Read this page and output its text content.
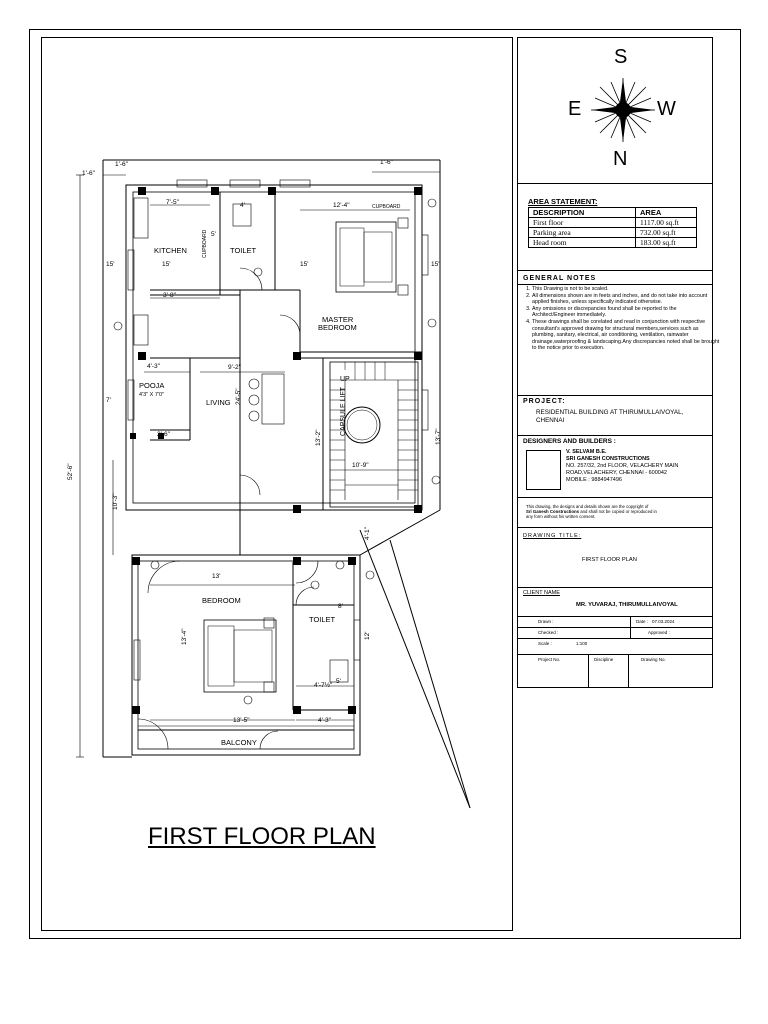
S
E	W
N
KITCHEN	TOILET
MASTER
BEDROOM
LIVING
POOJA
4'3" X 7'0"
BEDROOM
TOILET
BALCONY
UP
CAPSULE LIFT
CUPBOARD
CUPBOARD
1'-6"
1'-6"
1'-6"
7'-5"	4'
5'
12'-4"
15'	15'	15'	15'
3'-8"
4'-3"	9'-2"
24'-5"
7'
2'-6"	13'-2"	13'-7"
10'-9"
52'-6"
10'-3"
4'-1"
13'
13'-4"
8'
12'
4'-7½"
5'
13'-5"	4'-3"
FIRST FLOOR PLAN
AREA STATEMENT:
DESCRIPTION	AREA
First floor	1117.00 sq.ft
Parking area	732.00 sq.ft
Head room	183.00 sq.ft
GENERAL NOTES
1. This Drawing is not to be scaled.
2. All dimensions shown are in feets and inches, and do not take into account applied finishes, unless specifically indicated otherwise.
3. Any omissions or discrepancies found shall be reported to the Architect/Engineer immediately.
4. These drawings shall be corelated and read in conjunction with respective consultant's approved drawing for structural members,services such as plumbing, sanitary, electrical, air conditioning, ventilation, rainwater drainage,waterproofing & landscaping.Any discrepancies noted shall be brought to the notice prior to execution.
PROJECT:
RESIDENTIAL BUILDING AT THIRUMULLAIVOYAL,
CHENNAI
DESIGNERS AND BUILDERS :
V. SELVAM B.E.
SRI GANESH CONSTRUCTIONS
NO. 257/32, 2nd FLOOR, VELACHERY MAIN
ROAD,VELACHERY, CHENNAI - 600042
MOBILE : 9884947496
This drawing, the designs and details shown are the copyright of
Sri Ganesh Constructions and shall not be copied or reproduced in
any form without his written consent.
DRAWING TITLE:
FIRST FLOOR PLAN
CLIENT NAME
MR. YUVARAJ, THIRUMULLAIVOYAL
Drawn :	Date : 07.03.2024
Checked :	Approved :
Scale :	1:100
Project No.	Discipline	Drawing No.
